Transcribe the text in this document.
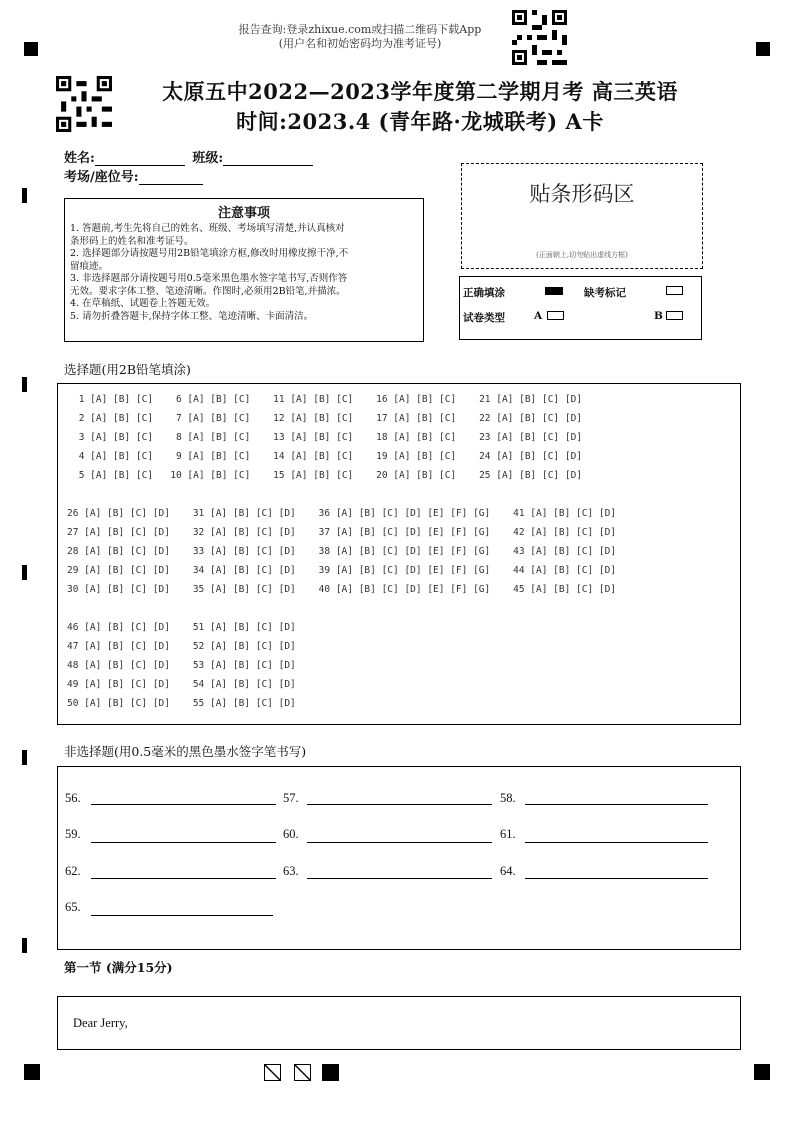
报告查询:登录zhixue.com或扫描二维码下载App
(用户名和初始密码均为准考证号)
太原五中2022—2023学年度第二学期月考 高三英语
时间:2023.4 (青年路·龙城联考) A卡
姓名:	班级:
考场/座位号:
注意事项
1. 答题前,考生先将自己的姓名、班级、考场填写清楚,并认真核对
条形码上的姓名和准考证号。
2. 选择题部分请按题号用2B铅笔填涂方框,修改时用橡皮擦干净,不
留痕迹。
3. 非选择题部分请按题号用0.5毫米黑色墨水签字笔书写,否则作答
无效。要求字体工整、笔迹清晰。作图时,必须用2B铅笔,并描浓。
4. 在草稿纸、试题卷上答题无效。
5. 请勿折叠答题卡,保持字体工整、笔迹清晰、卡面清洁。
贴条形码区
(正面朝上,切勿贴出虚线方框)
正确填涂	缺考标记
试卷类型	A	B
选择题(用2B铅笔填涂)
1 [A] [B] [C]    6 [A] [B] [C]    11 [A] [B] [C]    16 [A] [B] [C]    21 [A] [B] [C] [D]
2 [A] [B] [C]    7 [A] [B] [C]    12 [A] [B] [C]    17 [A] [B] [C]    22 [A] [B] [C] [D]
3 [A] [B] [C]    8 [A] [B] [C]    13 [A] [B] [C]    18 [A] [B] [C]    23 [A] [B] [C] [D]
4 [A] [B] [C]    9 [A] [B] [C]    14 [A] [B] [C]    19 [A] [B] [C]    24 [A] [B] [C] [D]
5 [A] [B] [C]   10 [A] [B] [C]    15 [A] [B] [C]    20 [A] [B] [C]    25 [A] [B] [C] [D]
26 [A] [B] [C] [D]    31 [A] [B] [C] [D]    36 [A] [B] [C] [D] [E] [F] [G]    41 [A] [B] [C] [D]
27 [A] [B] [C] [D]    32 [A] [B] [C] [D]    37 [A] [B] [C] [D] [E] [F] [G]    42 [A] [B] [C] [D]
28 [A] [B] [C] [D]    33 [A] [B] [C] [D]    38 [A] [B] [C] [D] [E] [F] [G]    43 [A] [B] [C] [D]
29 [A] [B] [C] [D]    34 [A] [B] [C] [D]    39 [A] [B] [C] [D] [E] [F] [G]    44 [A] [B] [C] [D]
30 [A] [B] [C] [D]    35 [A] [B] [C] [D]    40 [A] [B] [C] [D] [E] [F] [G]    45 [A] [B] [C] [D]
46 [A] [B] [C] [D]    51 [A] [B] [C] [D]
47 [A] [B] [C] [D]    52 [A] [B] [C] [D]
48 [A] [B] [C] [D]    53 [A] [B] [C] [D]
49 [A] [B] [C] [D]    54 [A] [B] [C] [D]
50 [A] [B] [C] [D]    55 [A] [B] [C] [D]
非选择题(用0.5毫米的黑色墨水签字笔书写)
56.	57.	58.
59.	60.	61.
62.	63.	64.
65.
第一节 (满分15分)
Dear Jerry,
